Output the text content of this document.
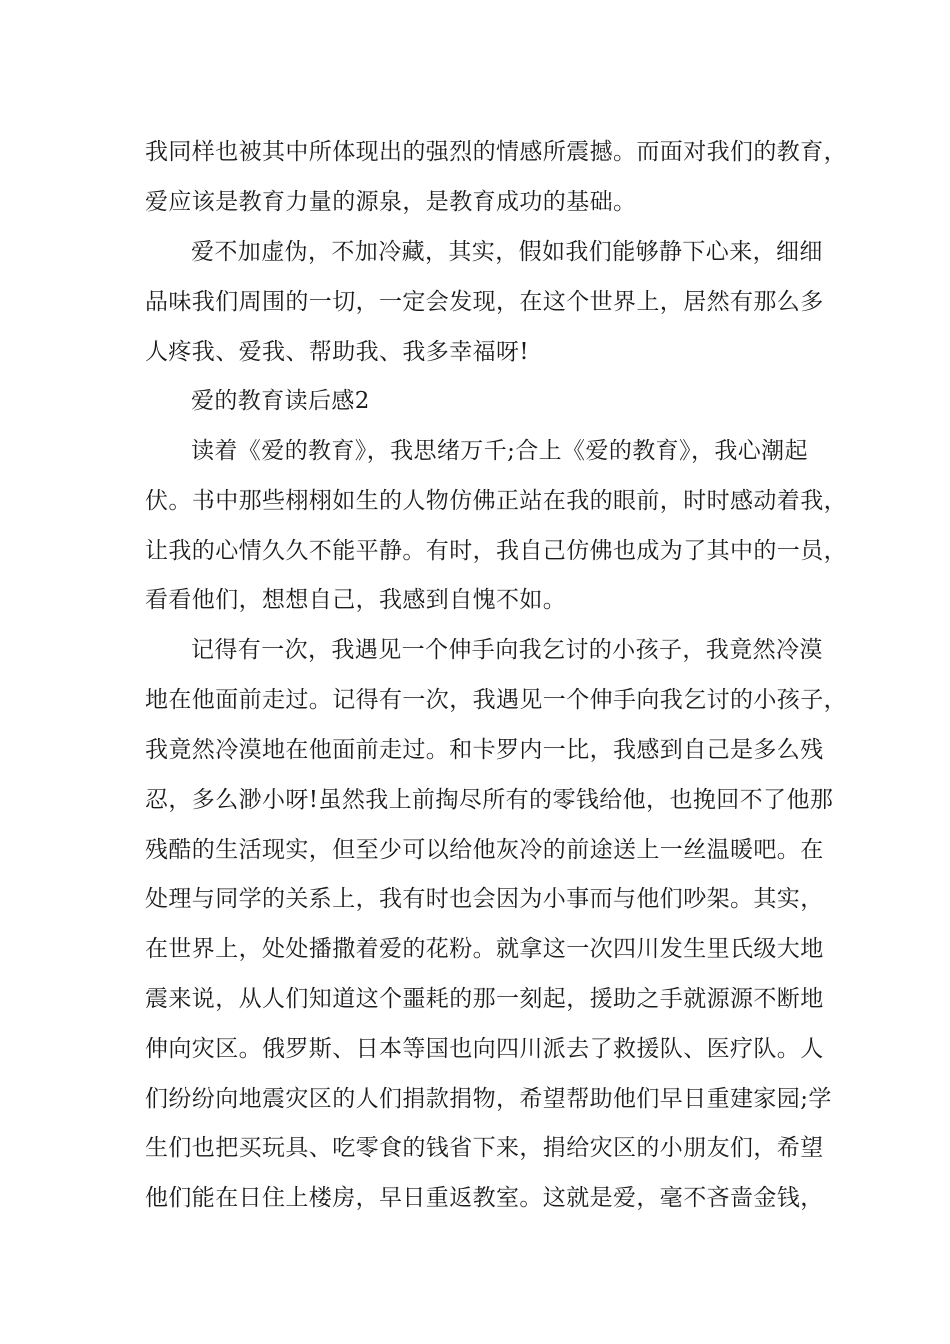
我同样也被其中所体现出的强烈的情感所震撼。而面对我们的教育，
爱应该是教育力量的源泉，是教育成功的基础。
爱不加虚伪，不加冷藏，其实，假如我们能够静下心来，细细
品味我们周围的一切，一定会发现，在这个世界上，居然有那么多
人疼我、爱我、帮助我、我多幸福呀!
爱的教育读后感2
读着《爱的教育》，我思绪万千;合上《爱的教育》，我心潮起
伏。书中那些栩栩如生的人物仿佛正站在我的眼前，时时感动着我，
让我的心情久久不能平静。有时，我自己仿佛也成为了其中的一员，
看看他们，想想自己，我感到自愧不如。
记得有一次，我遇见一个伸手向我乞讨的小孩子，我竟然冷漠
地在他面前走过。记得有一次，我遇见一个伸手向我乞讨的小孩子，
我竟然冷漠地在他面前走过。和卡罗内一比，我感到自己是多么残
忍，多么渺小呀!虽然我上前掏尽所有的零钱给他，也挽回不了他那
残酷的生活现实，但至少可以给他灰冷的前途送上一丝温暖吧。在
处理与同学的关系上，我有时也会因为小事而与他们吵架。其实，
在世界上，处处播撒着爱的花粉。就拿这一次四川发生里氏级大地
震来说，从人们知道这个噩耗的那一刻起，援助之手就源源不断地
伸向灾区。俄罗斯、日本等国也向四川派去了救援队、医疗队。人
们纷纷向地震灾区的人们捐款捐物，希望帮助他们早日重建家园;学
生们也把买玩具、吃零食的钱省下来，捐给灾区的小朋友们，希望
他们能在日住上楼房，早日重返教室。这就是爱，毫不吝啬金钱，
